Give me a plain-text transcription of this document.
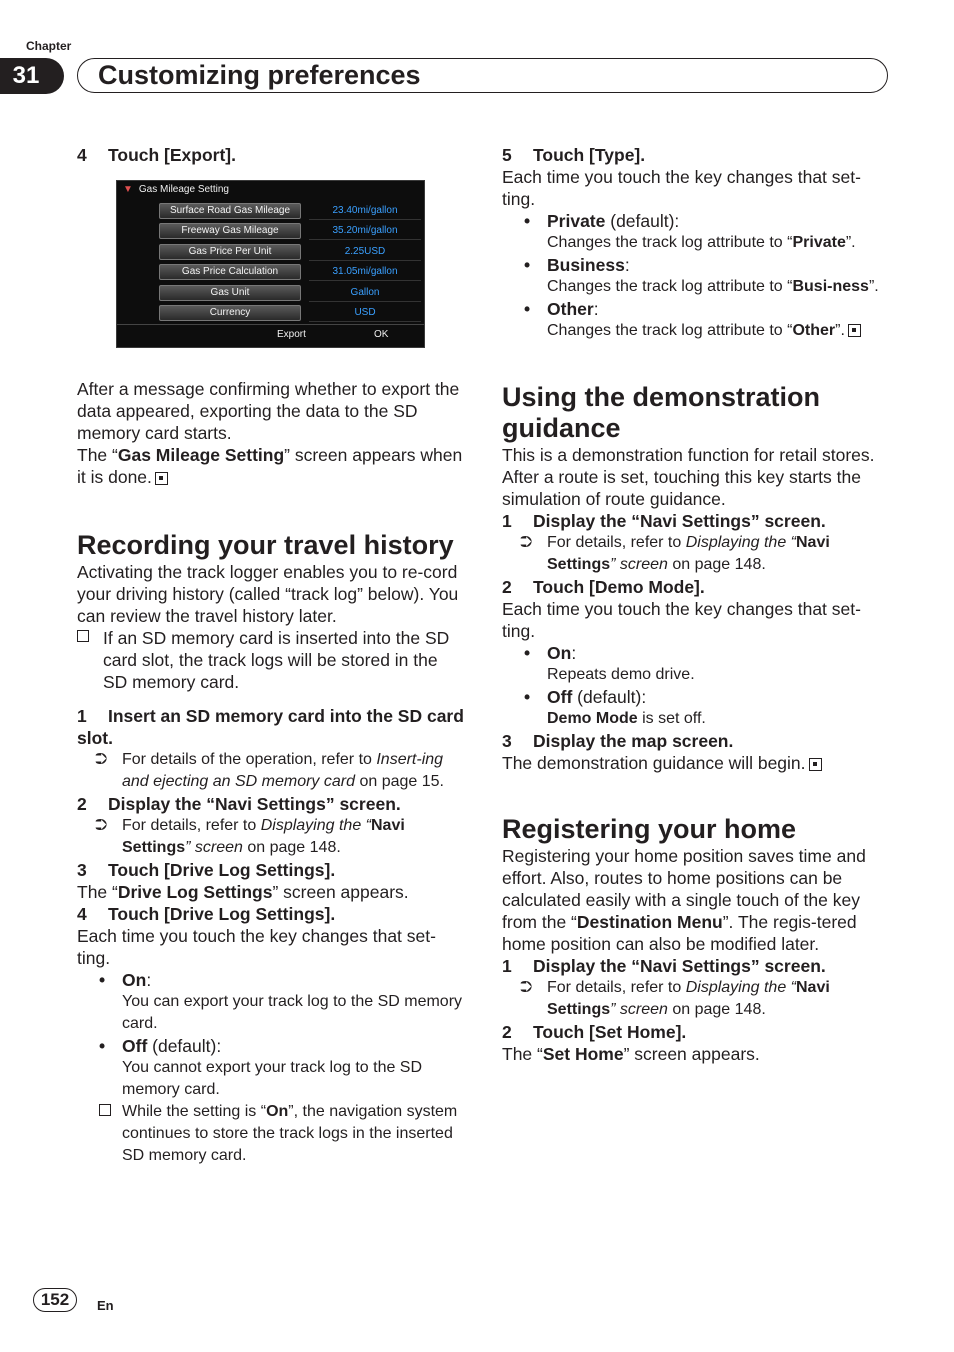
Chapter
31	Customizing preferences

4 Touch [Export].

After a message confirming whether to export the data appeared, exporting the data to the SD memory card starts.

The “Gas Mileage Setting” screen appears when it is done.

Recording your travel history

Activating the track logger enables you to re-cord your driving history (called “track log” below). You can review the travel history later.

If an SD memory card is inserted into the SD card slot, the track logs will be stored in the SD memory card.

1 Insert an SD memory card into the SD card slot.

⮊ For details of the operation, refer to Insert-ing and ejecting an SD memory card on page 15.

2 Display the “Navi Settings” screen.

⮊ For details, refer to Displaying the “Navi Settings” screen on page 148.

3 Touch [Drive Log Settings].

The “Drive Log Settings” screen appears.

4 Touch [Drive Log Settings].

Each time you touch the key changes that set-ting.

• On:

You can export your track log to the SD memory card.

• Off (default):

You cannot export your track log to the SD memory card.

While the setting is “On”, the navigation system continues to store the track logs in the inserted SD memory card.

▼ Gas Mileage Setting
Surface Road Gas Mileage	23.40mi/gallon
Freeway Gas Mileage	35.20mi/gallon
Gas Price Per Unit	2.25USD
Gas Price Calculation	31.05mi/gallon
Gas Unit	Gallon
Currency	USD
Export	OK

5 Touch [Type].

Each time you touch the key changes that set-ting.

• Private (default):

Changes the track log attribute to “Private”.

• Business:

Changes the track log attribute to “Busi-ness”.

• Other:

Changes the track log attribute to “Other”.

Using the demonstration guidance

This is a demonstration function for retail stores. After a route is set, touching this key starts the simulation of route guidance.

1 Display the “Navi Settings” screen.

⮊ For details, refer to Displaying the “Navi Settings” screen on page 148.

2 Touch [Demo Mode].

Each time you touch the key changes that set-ting.

• On:

Repeats demo drive.

• Off (default):

Demo Mode is set off.

3 Display the map screen.

The demonstration guidance will begin.

Registering your home

Registering your home position saves time and effort. Also, routes to home positions can be calculated easily with a single touch of the key from the “Destination Menu”. The regis-tered home position can also be modified later.

1 Display the “Navi Settings” screen.

⮊ For details, refer to Displaying the “Navi Settings” screen on page 148.

2 Touch [Set Home].

The “Set Home” screen appears.

152	En
